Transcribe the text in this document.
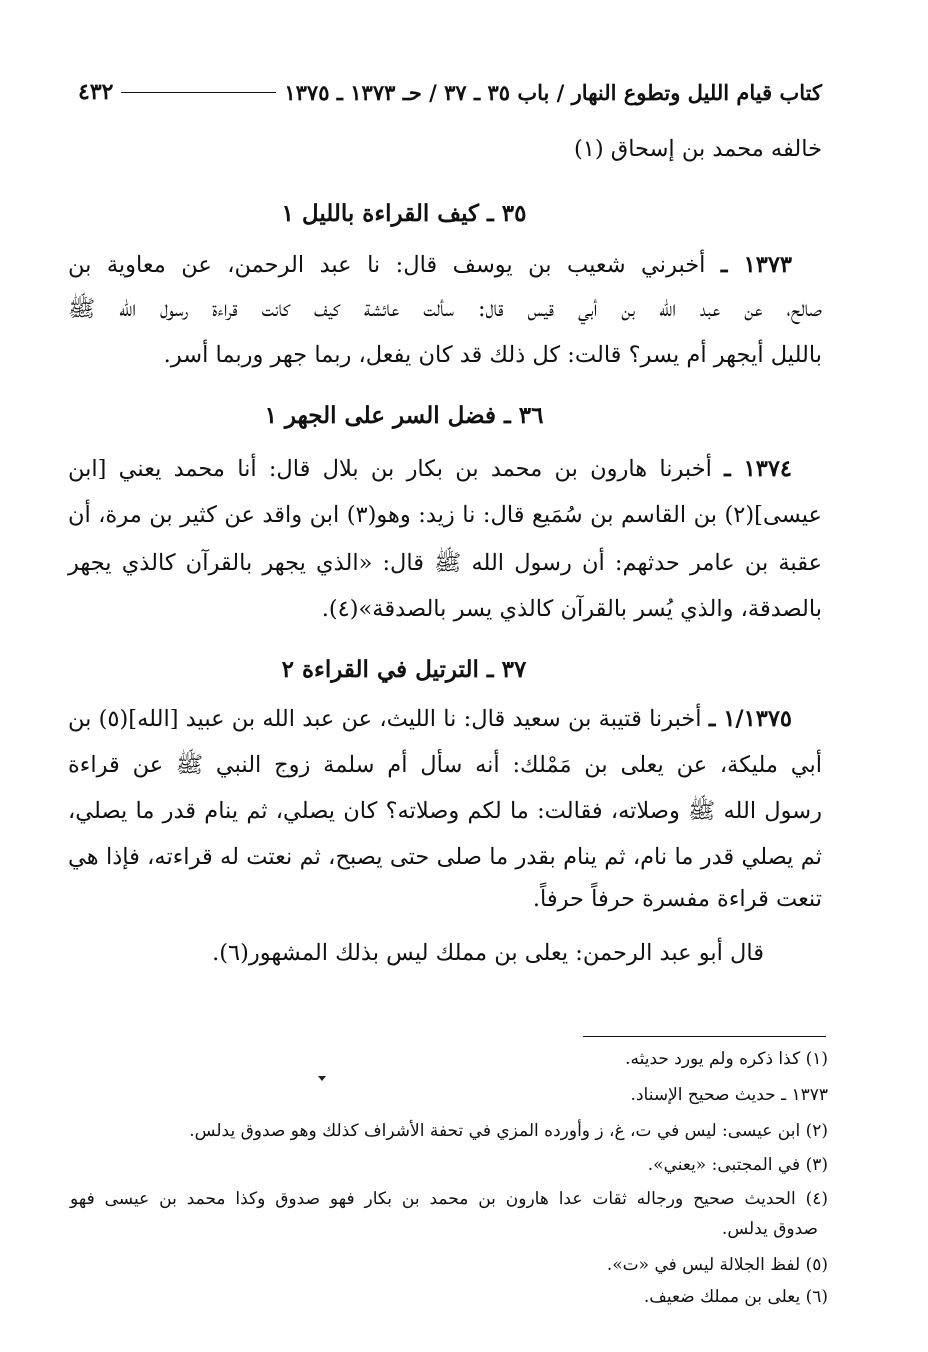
٤٣٢	كتاب قيام الليل وتطوع النهار / باب ٣٥ ـ ٣٧ / حـ ١٣٧٣ ـ ١٣٧٥
خالفه محمد بن إسحاق (١)
٣٥ ـ كيف القراءة بالليل ١
١٣٧٣ ـ أخبرني شعيب بن يوسف قال: نا عبد الرحمن، عن معاوية بن
صالح، عن عبد الله بن أبي قيس قال: سألت عائشة كيف كانت قراءة رسول الله ﷺ
بالليل أيجهر أم يسر؟ قالت: كل ذلك قد كان يفعل، ربما جهر وربما أسر.
٣٦ ـ فضل السر على الجهر ١
١٣٧٤ ـ أخبرنا هارون بن محمد بن بكار بن بلال قال: أنا محمد يعني [ابن
عيسى](٢) بن القاسم بن سُمَيع قال: نا زيد: وهو(٣) ابن واقد عن كثير بن مرة، أن
عقبة بن عامر حدثهم: أن رسول الله ﷺ قال: «الذي يجهر بالقرآن كالذي يجهر
بالصدقة، والذي يُسر بالقرآن كالذي يسر بالصدقة»(٤).
٣٧ ـ الترتيل في القراءة ٢
١/١٣٧٥ ـ أخبرنا قتيبة بن سعيد قال: نا الليث، عن عبد الله بن عبيد [الله](٥) بن
أبي مليكة، عن يعلى بن مَمْلك: أنه سأل أم سلمة زوج النبي ﷺ عن قراءة
رسول الله ﷺ وصلاته، فقالت: ما لكم وصلاته؟ كان يصلي، ثم ينام قدر ما يصلي،
ثم يصلي قدر ما نام، ثم ينام بقدر ما صلى حتى يصبح، ثم نعتت له قراءته، فإذا هي
تنعت قراءة مفسرة حرفاً حرفاً.
قال أبو عبد الرحمن: يعلى بن مملك ليس بذلك المشهور(٦).
(١) كذا ذكره ولم يورد حديثه.
١٣٧٣ ـ حديث صحيح الإسناد.
(٢) ابن عيسى: ليس في ت، غ، ز وأورده المزي في تحفة الأشراف كذلك وهو صدوق يدلس.
(٣) في المجتبى: «يعني».
(٤) الحديث صحيح ورجاله ثقات عدا هارون بن محمد بن بكار فهو صدوق وكذا محمد بن عيسى فهو
صدوق يدلس.
(٥) لفظ الجلالة ليس في «ت».
(٦) يعلى بن مملك ضعيف.
